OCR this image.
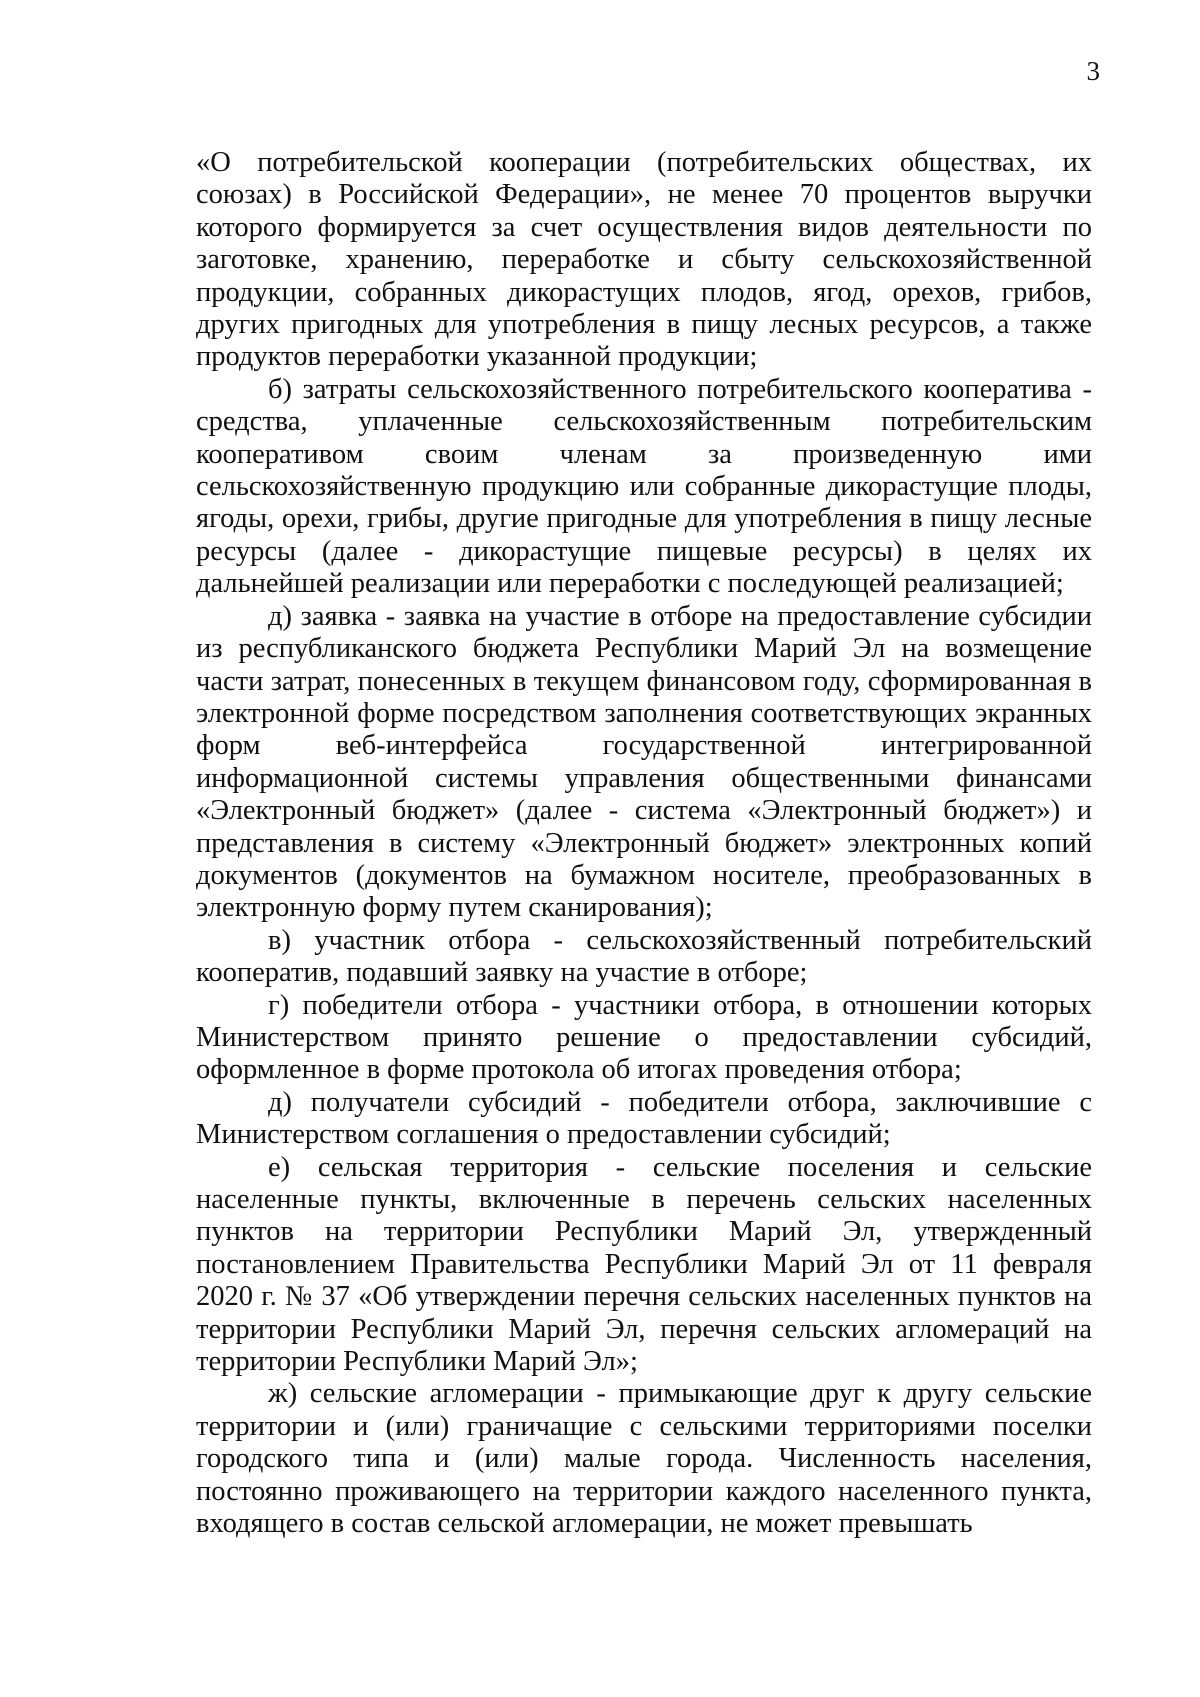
3

«О потребительской кооперации (потребительских обществах, их союзах) в Российской Федерации», не менее 70 процентов выручки которого формируется за счет осуществления видов деятельности по заготовке, хранению, переработке и сбыту сельскохозяйственной продукции, собранных дикорастущих плодов, ягод, орехов, грибов, других пригодных для употребления в пищу лесных ресурсов, а также продуктов переработки указанной продукции;

б) затраты сельскохозяйственного потребительского кооператива - средства, уплаченные сельскохозяйственным потребительским кооперативом своим членам за произведенную ими сельскохозяйственную продукцию или собранные дикорастущие плоды, ягоды, орехи, грибы, другие пригодные для употребления в пищу лесные ресурсы (далее - дикорастущие пищевые ресурсы) в целях их дальнейшей реализации или переработки с последующей реализацией;

д) заявка - заявка на участие в отборе на предоставление субсидии из республиканского бюджета Республики Марий Эл на возмещение части затрат, понесенных в текущем финансовом году, сформированная в электронной форме посредством заполнения соответствующих экранных форм веб-интерфейса государственной интегрированной информационной системы управления общественными финансами «Электронный бюджет» (далее - система «Электронный бюджет») и представления в систему «Электронный бюджет» электронных копий документов (документов на бумажном носителе, преобразованных в электронную форму путем сканирования);

в) участник отбора - сельскохозяйственный потребительский кооператив, подавший заявку на участие в отборе;

г) победители отбора - участники отбора, в отношении которых Министерством принято решение о предоставлении субсидий, оформленное в форме протокола об итогах проведения отбора;

д) получатели субсидий - победители отбора, заключившие с Министерством соглашения о предоставлении субсидий;

е) сельская территория - сельские поселения и сельские населенные пункты, включенные в перечень сельских населенных пунктов на территории Республики Марий Эл, утвержденный постановлением Правительства Республики Марий Эл от 11 февраля 2020 г. № 37 «Об утверждении перечня сельских населенных пунктов на территории Республики Марий Эл, перечня сельских агломераций на территории Республики Марий Эл»;

ж) сельские агломерации - примыкающие друг к другу сельские территории и (или) граничащие с сельскими территориями поселки городского типа и (или) малые города. Численность населения, постоянно проживающего на территории каждого населенного пункта, входящего в состав сельской агломерации, не может превышать
